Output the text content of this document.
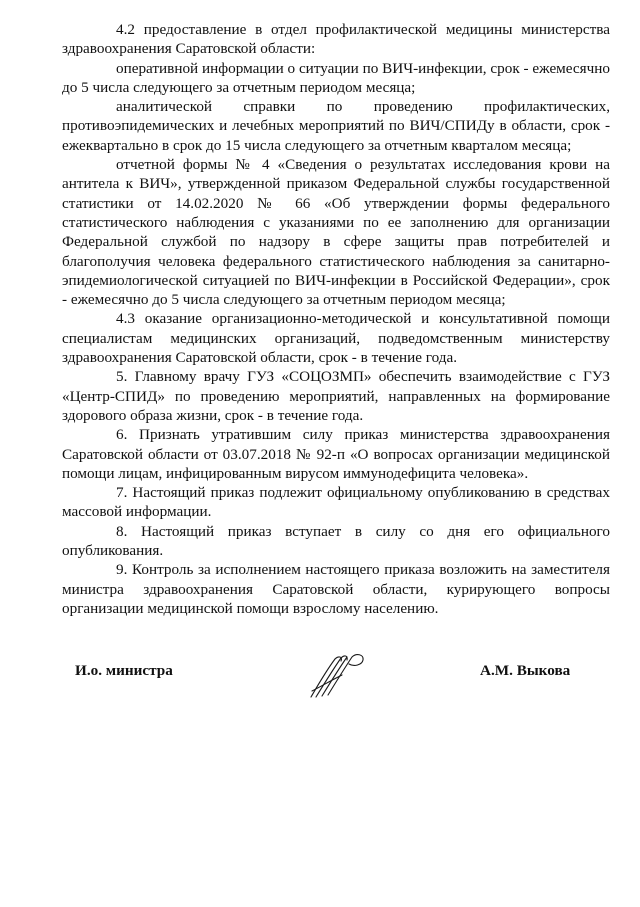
4.2 предоставление в отдел профилактической медицины министерства здравоохранения Саратовской области:

оперативной информации о ситуации по ВИЧ-инфекции, срок - ежемесячно до 5 числа следующего за отчетным периодом месяца;

аналитической справки по проведению профилактических, противоэпидемических и лечебных мероприятий по ВИЧ/СПИДу в области, срок - ежеквартально в срок до 15 числа следующего за отчетным кварталом месяца;

отчетной формы № 4 «Сведения о результатах исследования крови на антитела к ВИЧ», утвержденной приказом Федеральной службы государственной статистики от 14.02.2020 № 66 «Об утверждении формы федерального статистического наблюдения с указаниями по ее заполнению для организации Федеральной службой по надзору в сфере защиты прав потребителей и благополучия человека федерального статистического наблюдения за санитарно-эпидемиологической ситуацией по ВИЧ-инфекции в Российской Федерации», срок - ежемесячно до 5 числа следующего за отчетным периодом месяца;

4.3 оказание организационно-методической и консультативной помощи специалистам медицинских организаций, подведомственным министерству здравоохранения Саратовской области, срок - в течение года.

5. Главному врачу ГУЗ «СОЦОЗМП» обеспечить взаимодействие с ГУЗ «Центр-СПИД» по проведению мероприятий, направленных на формирование здорового образа жизни, срок - в течение года.

6. Признать утратившим силу приказ министерства здравоохранения Саратовской области от 03.07.2018 № 92-п «О вопросах организации медицинской помощи лицам, инфицированным вирусом иммунодефицита человека».

7. Настоящий приказ подлежит официальному опубликованию в средствах массовой информации.

8. Настоящий приказ вступает в силу со дня его официального опубликования.

9. Контроль за исполнением настоящего приказа возложить на заместителя министра здравоохранения Саратовской области, курирующего вопросы организации медицинской помощи взрослому населению.

И.о. министра	А.М. Выкова
